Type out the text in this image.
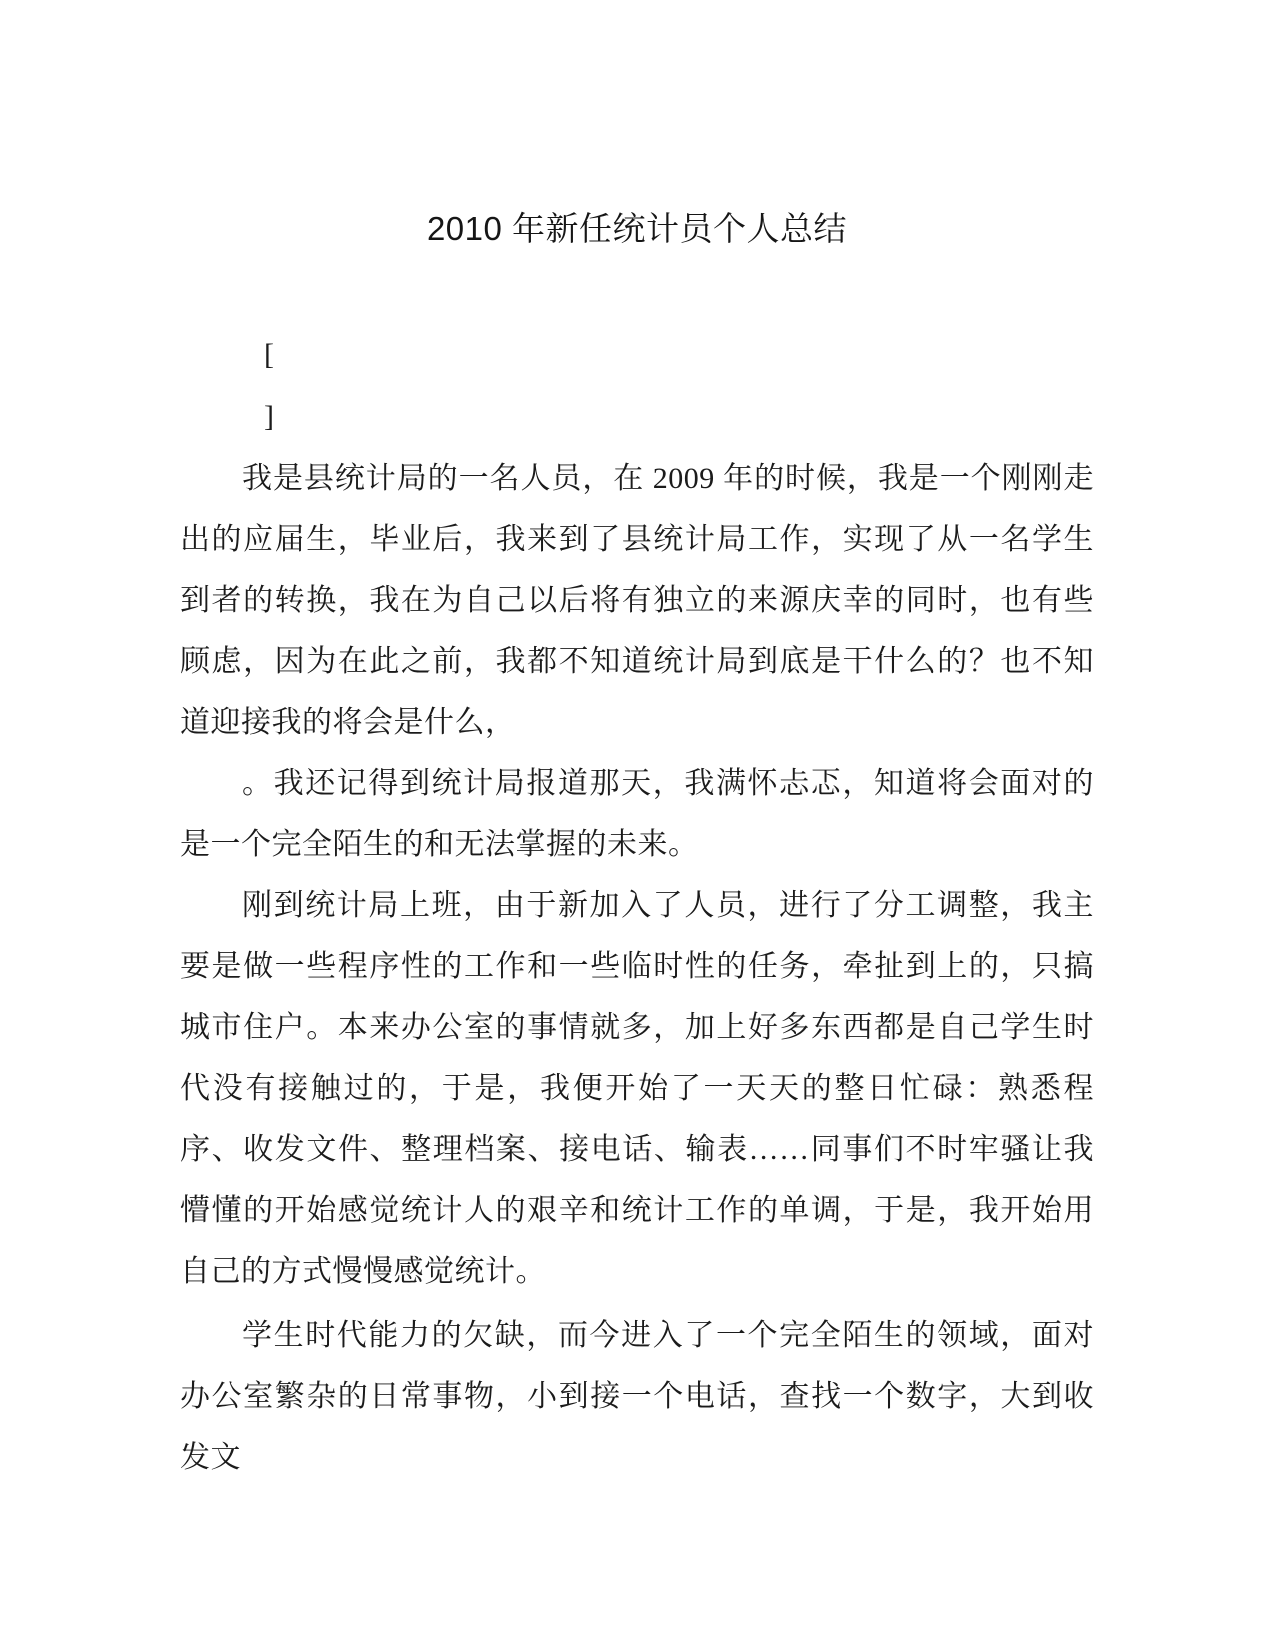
2010 年新任统计员个人总结

[

]

我是县统计局的一名人员，在 2009 年的时候，我是一个刚刚走出的应届生，毕业后，我来到了县统计局工作，实现了从一名学生到者的转换，我在为自己以后将有独立的来源庆幸的同时，也有些顾虑，因为在此之前，我都不知道统计局到底是干什么的？也不知道迎接我的将会是什么，

。我还记得到统计局报道那天，我满怀忐忑，知道将会面对的是一个完全陌生的和无法掌握的未来。

刚到统计局上班，由于新加入了人员，进行了分工调整，我主要是做一些程序性的工作和一些临时性的任务，牵扯到上的，只搞城市住户。本来办公室的事情就多，加上好多东西都是自己学生时代没有接触过的，于是，我便开始了一天天的整日忙碌：熟悉程序、收发文件、整理档案、接电话、输表……同事们不时牢骚让我懵懂的开始感觉统计人的艰辛和统计工作的单调，于是，我开始用自己的方式慢慢感觉统计。

学生时代能力的欠缺，而今进入了一个完全陌生的领域，面对办公室繁杂的日常事物，小到接一个电话，查找一个数字，大到收发文
